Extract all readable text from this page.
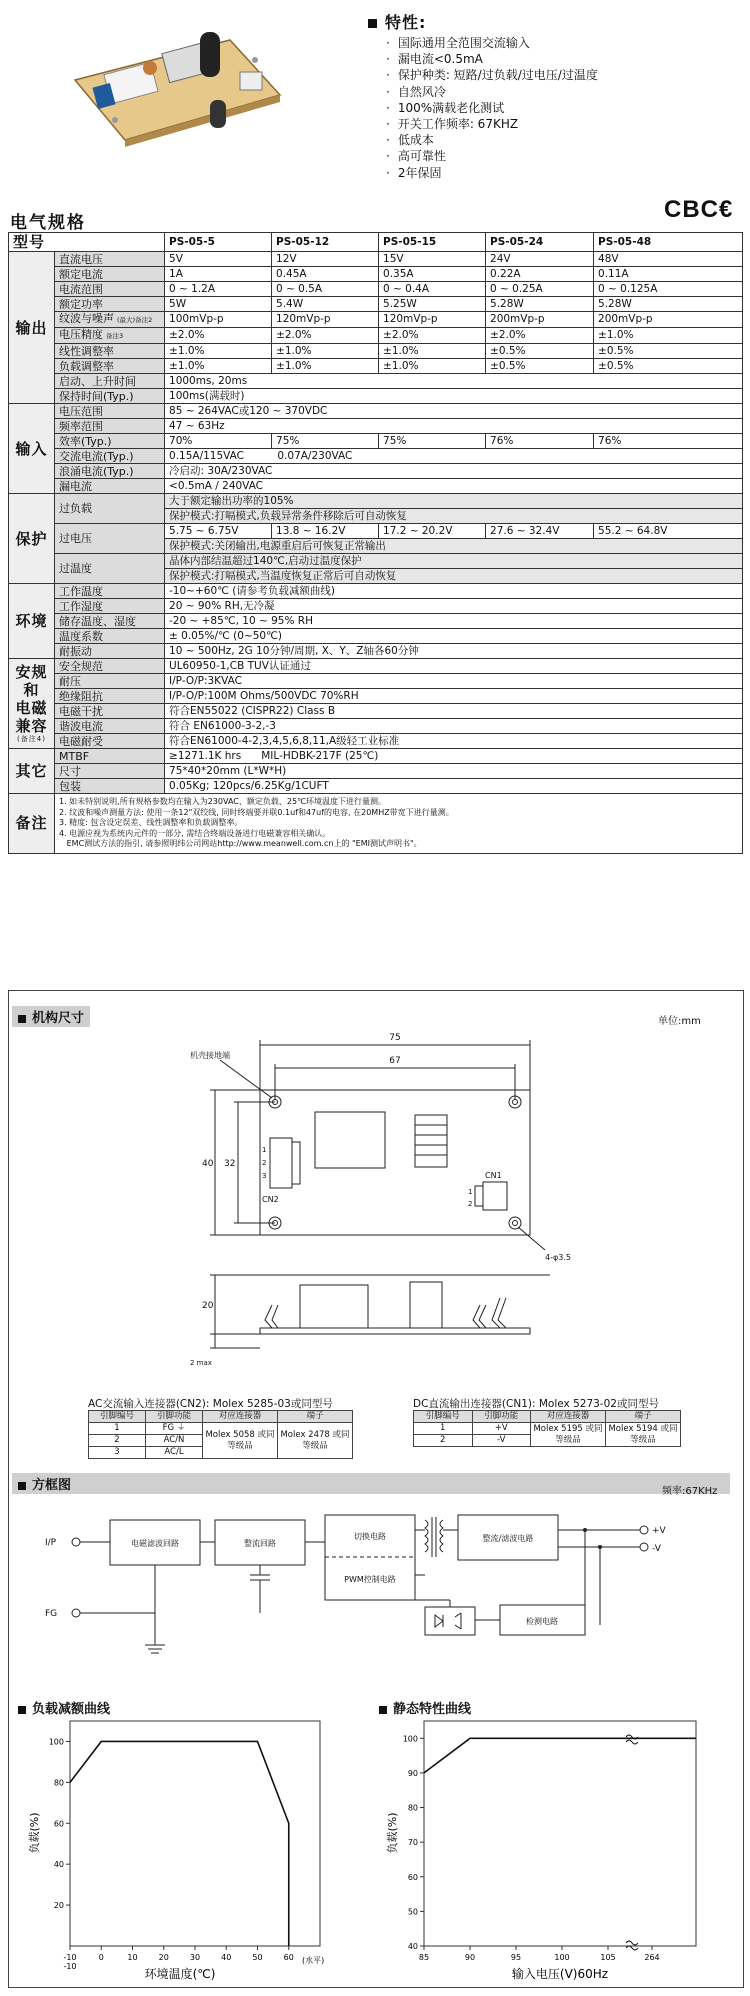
特性:
· 国际通用全范围交流输入
· 漏电流<0.5mA
· 保护种类: 短路/过负载/过电压/过温度
· 自然风冷
· 100%满载老化测试
· 开关工作频率: 67KHZ
· 低成本
· 高可靠性
· 2年保固
电气规格	CBC€
型号		PS-05-5	PS-05-12	PS-05-15	PS-05-24	PS-05-48
输出	直流电压	5V	12V	15V	24V	48V
	额定电流	1A	0.45A	0.35A	0.22A	0.11A
	电流范围	0 ~ 1.2A	0 ~ 0.5A	0 ~ 0.4A	0 ~ 0.25A	0 ~ 0.125A
	额定功率	5W	5.4W	5.25W	5.28W	5.28W
	纹波与噪声 (最大)备注2	100mVp-p	120mVp-p	120mVp-p	200mVp-p	200mVp-p
	电压精度 备注3	±2.0%	±2.0%	±2.0%	±2.0%	±1.0%
	线性调整率	±1.0%	±1.0%	±1.0%	±0.5%	±0.5%
	负载调整率	±1.0%	±1.0%	±1.0%	±0.5%	±0.5%
	启动、上升时间	1000ms, 20ms				
	保持时间(Typ.)	100ms(满载时)				
输入	电压范围	85 ~ 264VAC或120 ~ 370VDC				
	频率范围	47 ~ 63Hz				
	效率(Typ.)	70%	75%	75%	76%	76%
	交流电流(Typ.)	0.15A/115VAC          0.07A/230VAC				
	浪涌电流(Typ.)	冷启动: 30A/230VAC				
	漏电流	<0.5mA / 240VAC				
保护	过负载	大于额定输出功率的105%				
		保护模式:打嗝模式,负载异常条件移除后可自动恢复				
	过电压	5.75 ~ 6.75V	13.8 ~ 16.2V	17.2 ~ 20.2V	27.6 ~ 32.4V	55.2 ~ 64.8V
		保护模式:关闭输出,电源重启后可恢复正常输出				
	过温度	晶体内部结温超过140℃,启动过温度保护				
		保护模式:打嗝模式,当温度恢复正常后可自动恢复				
环境	工作温度	-10~+60℃ (请参考负载减额曲线)				
	工作湿度	20 ~ 90% RH,无冷凝				
	储存温度、湿度	-20 ~ +85℃, 10 ~ 95% RH				
	温度系数	± 0.05%/℃ (0~50℃)				
	耐振动	10 ~ 500Hz, 2G 10分钟/周期, X、Y、Z轴各60分钟				

安规
和
电磁
兼容
(备注4)	安全规范	UL60950-1,CB TUV认证通过				
	耐压	I/P-O/P:3KVAC				
	绝缘阻抗	I/P-O/P:100M Ohms/500VDC 70%RH				
	电磁干扰	符合EN55022 (CISPR22) Class B				
	谐波电流	符合 EN61000-3-2,-3				
	电磁耐受	符合EN61000-4-2,3,4,5,6,8,11,A级轻工业标准				
其它	MTBF	≥1271.1K hrs      MIL-HDBK-217F (25℃)				
	尺寸	75*40*20mm (L*W*H)				
	包装	0.05Kg; 120pcs/6.25Kg/1CUFT				
备注	1. 如未特别说明,所有规格参数均在输入为230VAC、额定负载、25℃环境温度下进行量测。
2. 纹波和噪声测量方法: 使用一条12"双绞线, 同时终端要并联0.1uf和47uf的电容, 在20MHZ带宽下进行量测。
3. 精度: 包含设定误差、线性调整率和负载调整率。
4. 电源应视为系统内元件的一部分, 需结合终端设备进行电磁兼容相关确认。
EMC测试方法的指引, 请参照明纬公司网站http://www.meanwell.com.cn上的 "EMI测试声明书"。					
机构尺寸	单位:mm
75
67
40 32
20
2 max
机壳接地端
4-φ3.5
CN2
CN1
1
2
3
1
2
AC交流输入连接器(CN2): Molex 5285-03或同型号
引脚编号	引脚功能	对应连接器	端子
1	FG ⏚	Molex 5058 或同等级品	Molex 2478 或同等级品
2	AC/N		
3	AC/L		
DC直流输出连接器(CN1): Molex 5273-02或同型号
引脚编号	引脚功能	对应连接器	端子
1	+V	Molex 5195 或同等级品	Molex 5194 或同等级品
2	-V		
方框图	频率:67KHz
I/P
FG
电磁滤波回路	整流回路
切换电路
PWM控制电路
整流/滤波电路
检测电路
+V
-V
负载减额曲线	静态特性曲线
-10	0	10	20	30	40	50	60
-10
20
40
60
80
100
环境温度(℃)
(水平)
负载(%)
85	90	95	100	105	264
40
50
60
70
80
90
100
输入电压(V)60Hz
负载(%)
